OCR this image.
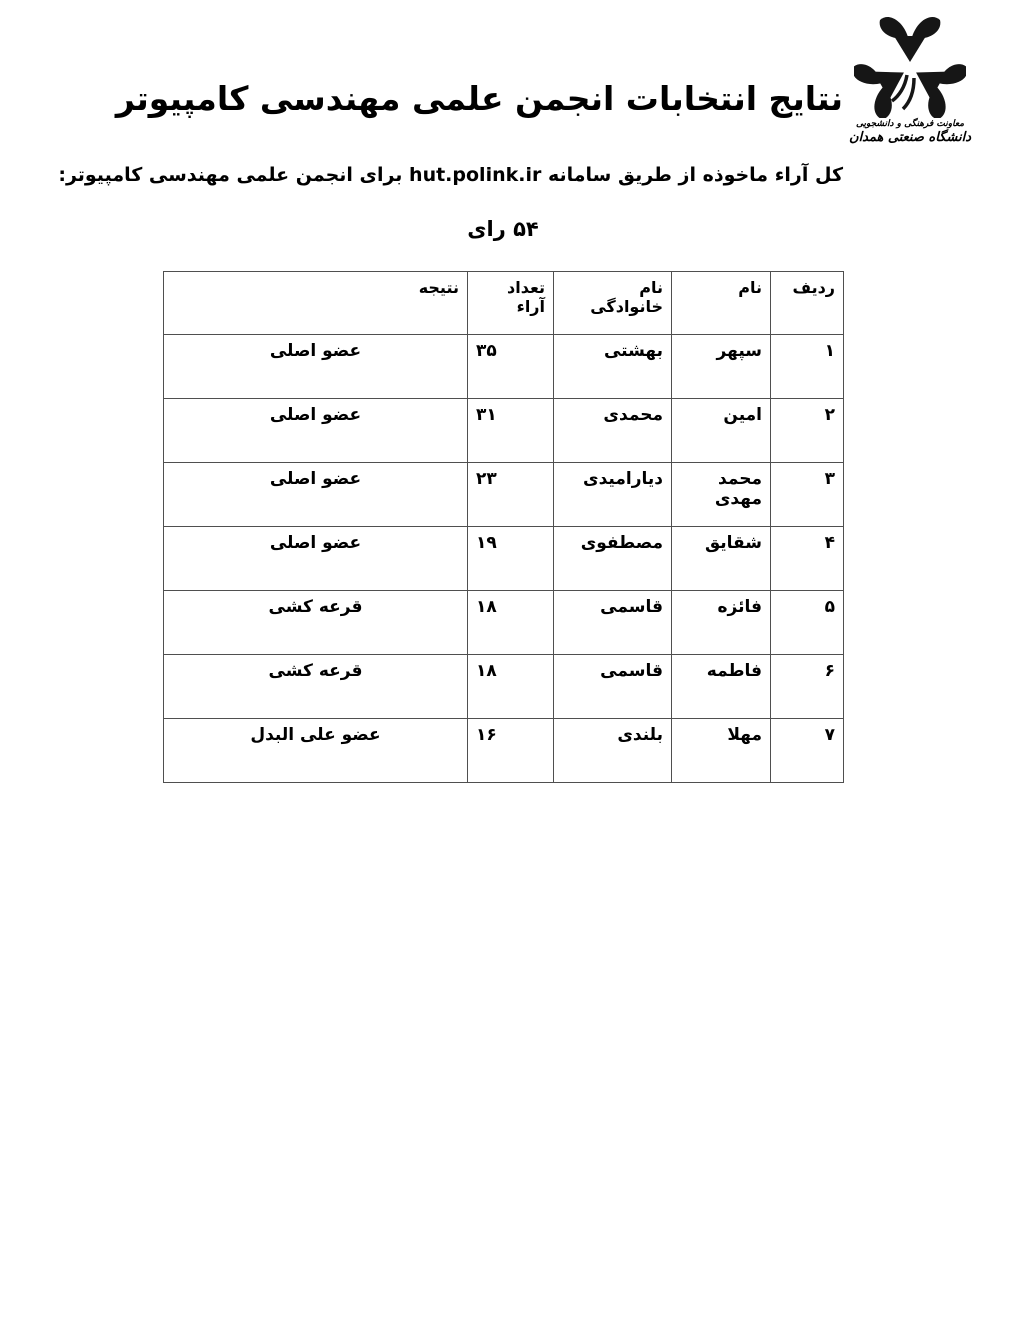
معاونت فرهنگی و دانشجویی
دانشگاه صنعتی همدان
نتایج انتخابات انجمن علمی مهندسی کامپیوتر

کل آراء ماخوذه از طریق سامانه hut.polink.ir برای انجمن علمی مهندسی کامپیوتر:

۵۴ رای

ردیف	نام	نام خانوادگی	تعداد آراء	نتیجه
۱	سپهر	بهشتی	۳۵	عضو اصلی
۲	امین	محمدی	۳۱	عضو اصلی
۳	محمد مهدی	دیارامیدی	۲۳	عضو اصلی
۴	شقایق	مصطفوی	۱۹	عضو اصلی
۵	فائزه	قاسمی	۱۸	قرعه کشی
۶	فاطمه	قاسمی	۱۸	قرعه کشی
۷	مهلا	بلندی	۱۶	عضو علی البدل
